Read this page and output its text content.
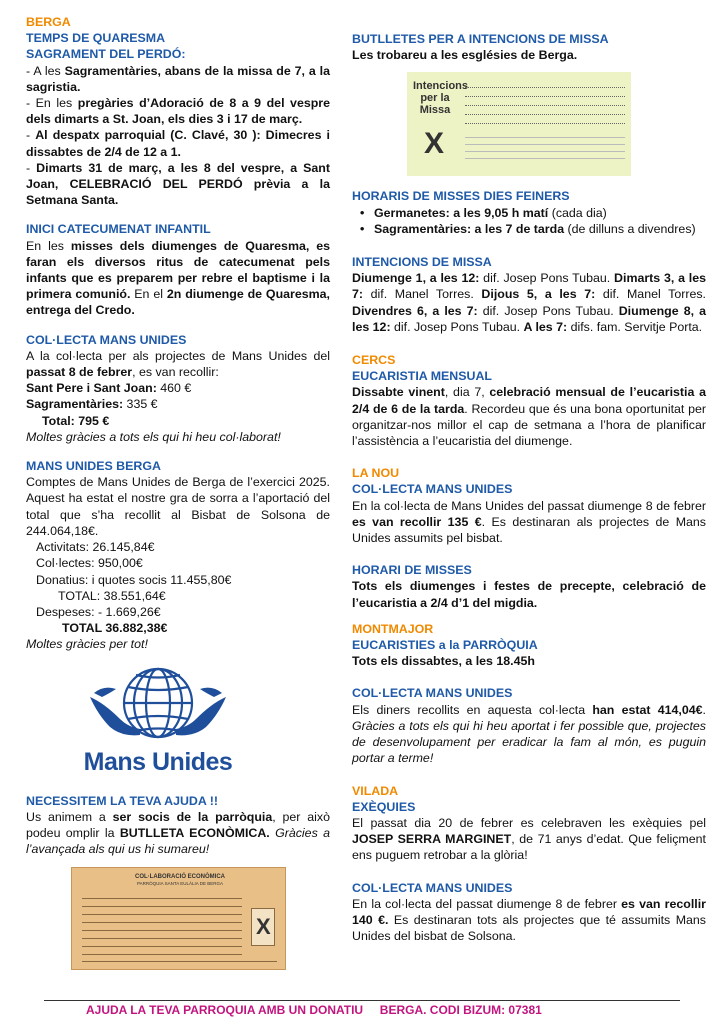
BERGA
TEMPS DE QUARESMA
SAGRAMENT DEL PERDÓ:
- A les Sagramentàries, abans de la missa de 7, a la sagristia.
- En les pregàries d’Adoració de 8 a 9 del vespre dels dimarts a St. Joan, els dies 3 i 17 de març.
- Al despatx parroquial (C. Clavé, 30 ): Dimecres i dissabtes de 2/4 de 12 a 1.
- Dimarts 31 de març, a les 8 del vespre, a Sant Joan, CELEBRACIÓ DEL PERDÓ prèvia a la Setmana Santa.
INICI CATECUMENAT INFANTIL
En les misses dels diumenges de Quaresma, es faran els diversos ritus de catecumenat pels infants que es preparem per rebre el baptisme i la primera comunió. En el 2n diumenge de Quaresma, entrega del Credo.
COL·LECTA MANS UNIDES
A la col·lecta per als projectes de Mans Unides del passat 8 de febrer, es van recollir:
Sant Pere i Sant Joan: 460 €
Sagramentàries: 335 €
Total: 795 €
Moltes gràcies a tots els qui hi heu col·laborat!
MANS UNIDES BERGA
Comptes de Mans Unides de Berga de l’exercici 2025. Aquest ha estat el nostre gra de sorra a l’aportació del total que s’ha recollit al Bisbat de Solsona de 244.064,18€.
Activitats: 26.145,84€
Col·lectes: 950,00€
Donatius: i quotes socis 11.455,80€
TOTAL: 38.551,64€
Despeses: - 1.669,26€
TOTAL 36.882,38€
Moltes gràcies per tot!
Mans Unides
NECESSITEM LA TEVA AJUDA !!
Us animem a ser socis de la parròquia, per això podeu omplir la BUTLLETA ECONÒMICA. Gràcies a l’avançada als qui us hi sumareu!
COL·LABORACIÓ ECONÒMICA
PARRÒQUIA SANTA EULÀLIA DE BERGA
X
BUTLLETES PER A INTENCIONS DE MISSA
Les trobareu a les esglésies de Berga.
Intencions per la Missa
X
HORARIS DE MISSES DIES FEINERS
• Germanetes: a les 9,05 h matí (cada dia)
• Sagramentàries: a les 7 de tarda (de dilluns a divendres)
INTENCIONS DE MISSA
Diumenge 1, a les 12: dif. Josep Pons Tubau. Dimarts 3, a les 7: dif. Manel Torres. Dijous 5, a les 7: dif. Manel Torres. Divendres 6, a les 7: dif. Josep Pons Tubau. Diumenge 8, a les 12: dif. Josep Pons Tubau. A les 7: difs. fam. Servitje Porta.
CERCS
EUCARISTIA MENSUAL
Dissabte vinent, dia 7, celebració mensual de l’eucaristia a 2/4 de 6 de la tarda. Recordeu que és una bona oportunitat per organitzar-nos millor el cap de setmana a l’hora de planificar l’assistència a l’eucaristia del diumenge.
LA NOU
COL·LECTA MANS UNIDES
En la col·lecta de Mans Unides del passat diumenge 8 de febrer es van recollir 135 €. Es destinaran als projectes de Mans Unides assumits pel bisbat.
HORARI DE MISSES
Tots els diumenges i festes de precepte, celebració de l’eucaristia a 2/4 d’1 del migdia.
MONTMAJOR
EUCARISTIES a la PARRÒQUIA
Tots els dissabtes, a les 18.45h
COL·LECTA MANS UNIDES
Els diners recollits en aquesta col·lecta han estat 414,04€. Gràcies a tots els qui hi heu aportat i fer possible que, projectes de desenvolupament per eradicar la fam al món, es puguin portar a terme!
VILADA
EXÈQUIES
El passat dia 20 de febrer es celebraven les exèquies pel JOSEP SERRA MARGINET, de 71 anys d’edat. Que feliçment ens puguem retrobar a la glòria!
COL·LECTA MANS UNIDES
En la col·lecta del passat diumenge 8 de febrer es van recollir 140 €. Es destinaran tots als projectes que té assumits Mans Unides del bisbat de Solsona.
AJUDA LA TEVA PARROQUIA AMB UN DONATIU     BERGA. CODI BIZUM: 07381
